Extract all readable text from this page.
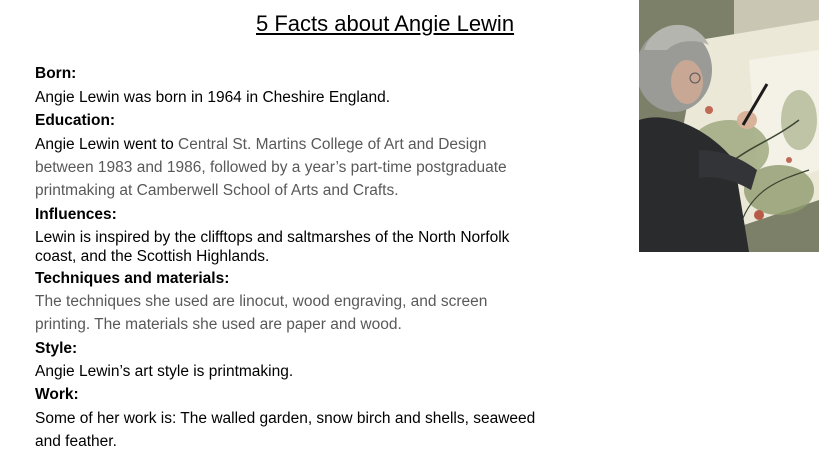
5 Facts about Angie Lewin
Born:
Angie Lewin was born in 1964 in Cheshire England.
Education:
Angie Lewin went to Central St. Martins College of Art and Design
between 1983 and 1986, followed by a year’s part-time postgraduate
printmaking at Camberwell School of Arts and Crafts.
Influences:
Lewin is inspired by the clifftops and saltmarshes of the North Norfolk
coast, and the Scottish Highlands.
Techniques and materials:
The techniques she used are linocut, wood engraving, and screen
printing. The materials she used are paper and wood.
Style:
Angie Lewin’s art style is printmaking.
Work:
Some of her work is: The walled garden, snow birch and shells, seaweed
and feather.
